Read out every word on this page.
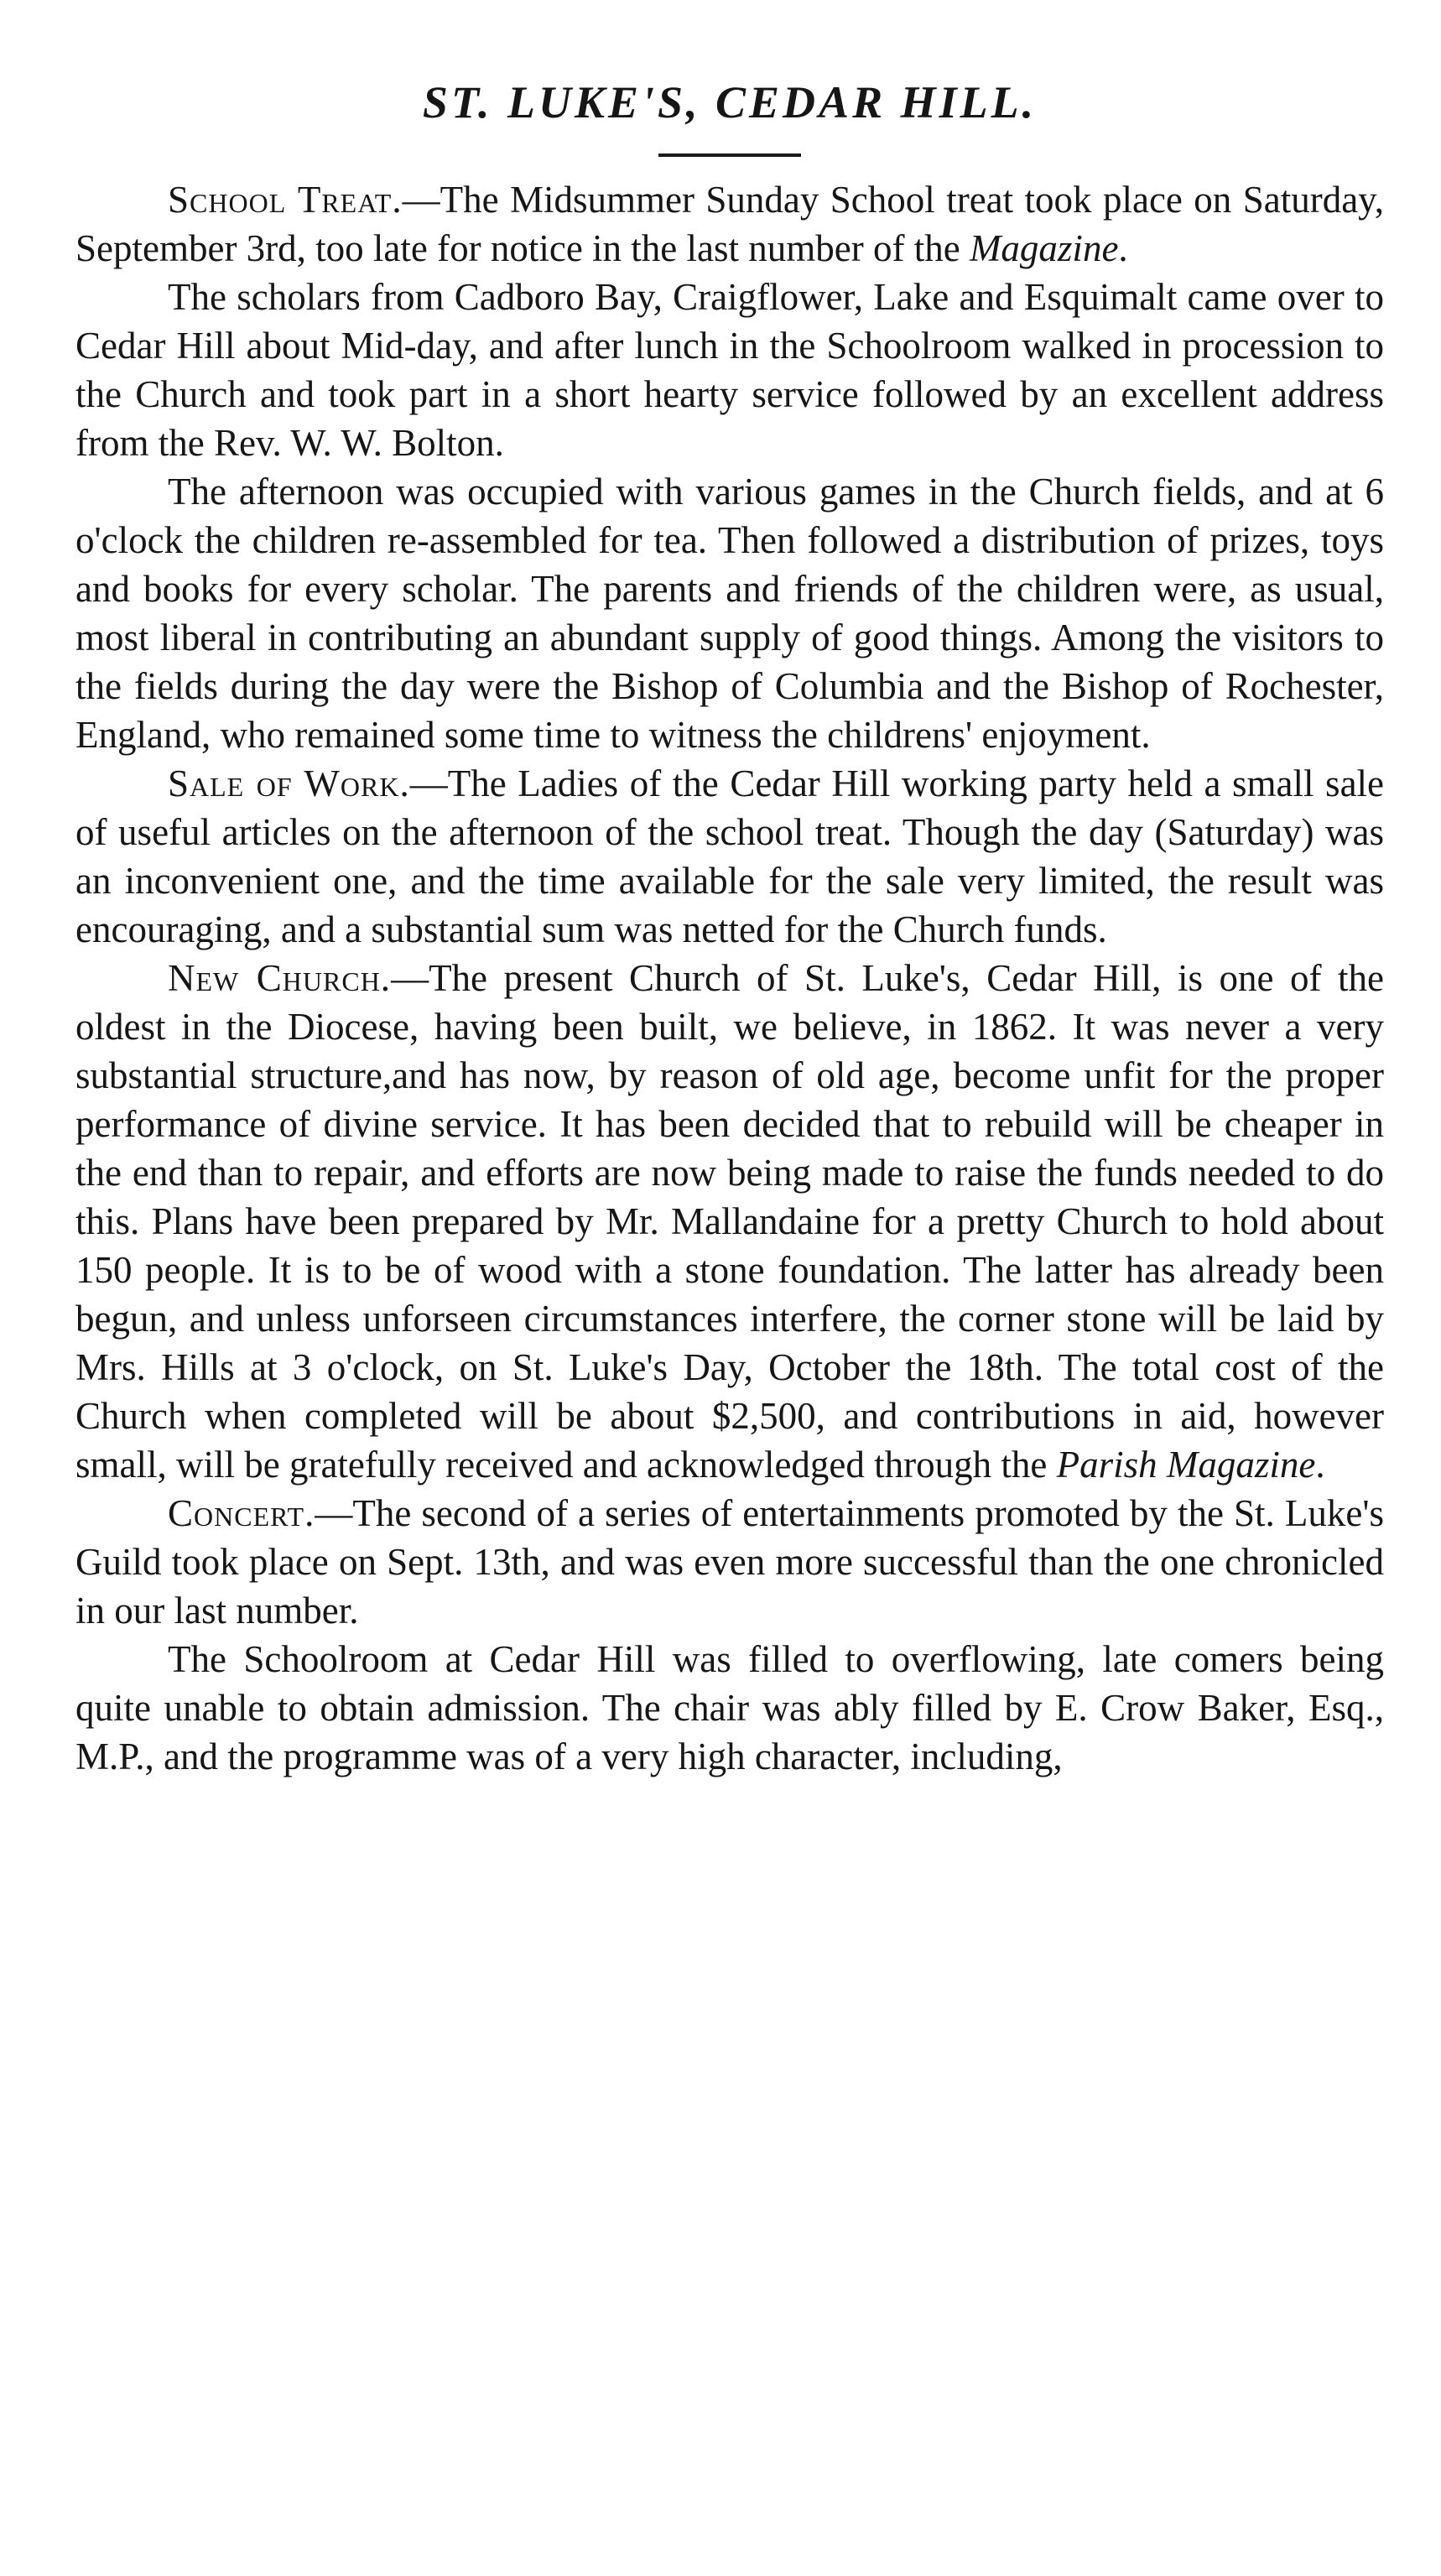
ST. LUKE'S, CEDAR HILL.

School Treat.—The Midsummer Sunday School treat took place on Saturday, September 3rd, too late for notice in the last number of the Magazine.

The scholars from Cadboro Bay, Craigflower, Lake and Esquimalt came over to Cedar Hill about Mid-day, and after lunch in the Schoolroom walked in procession to the Church and took part in a short hearty service followed by an excellent address from the Rev. W. W. Bolton.

The afternoon was occupied with various games in the Church fields, and at 6 o'clock the children re-assembled for tea. Then followed a distribution of prizes, toys and books for every scholar. The parents and friends of the children were, as usual, most liberal in contributing an abundant supply of good things. Among the visitors to the fields during the day were the Bishop of Columbia and the Bishop of Rochester, England, who remained some time to witness the childrens' enjoyment.

Sale of Work.—The Ladies of the Cedar Hill working party held a small sale of useful articles on the afternoon of the school treat. Though the day (Saturday) was an inconvenient one, and the time available for the sale very limited, the result was encouraging, and a substantial sum was netted for the Church funds.

New Church.—The present Church of St. Luke's, Cedar Hill, is one of the oldest in the Diocese, having been built, we believe, in 1862. It was never a very substantial structure,and has now, by reason of old age, become unfit for the proper performance of divine service. It has been decided that to rebuild will be cheaper in the end than to repair, and efforts are now being made to raise the funds needed to do this. Plans have been prepared by Mr. Mallandaine for a pretty Church to hold about 150 people. It is to be of wood with a stone foundation. The latter has already been begun, and unless unforseen circumstances interfere, the corner stone will be laid by Mrs. Hills at 3 o'clock, on St. Luke's Day, October the 18th. The total cost of the Church when completed will be about $2,500, and contributions in aid, however small, will be gratefully received and acknowledged through the Parish Magazine.

Concert.—The second of a series of entertainments promoted by the St. Luke's Guild took place on Sept. 13th, and was even more successful than the one chronicled in our last number.

The Schoolroom at Cedar Hill was filled to overflowing, late comers being quite unable to obtain admission. The chair was ably filled by E. Crow Baker, Esq., M.P., and the programme was of a very high character, including,
